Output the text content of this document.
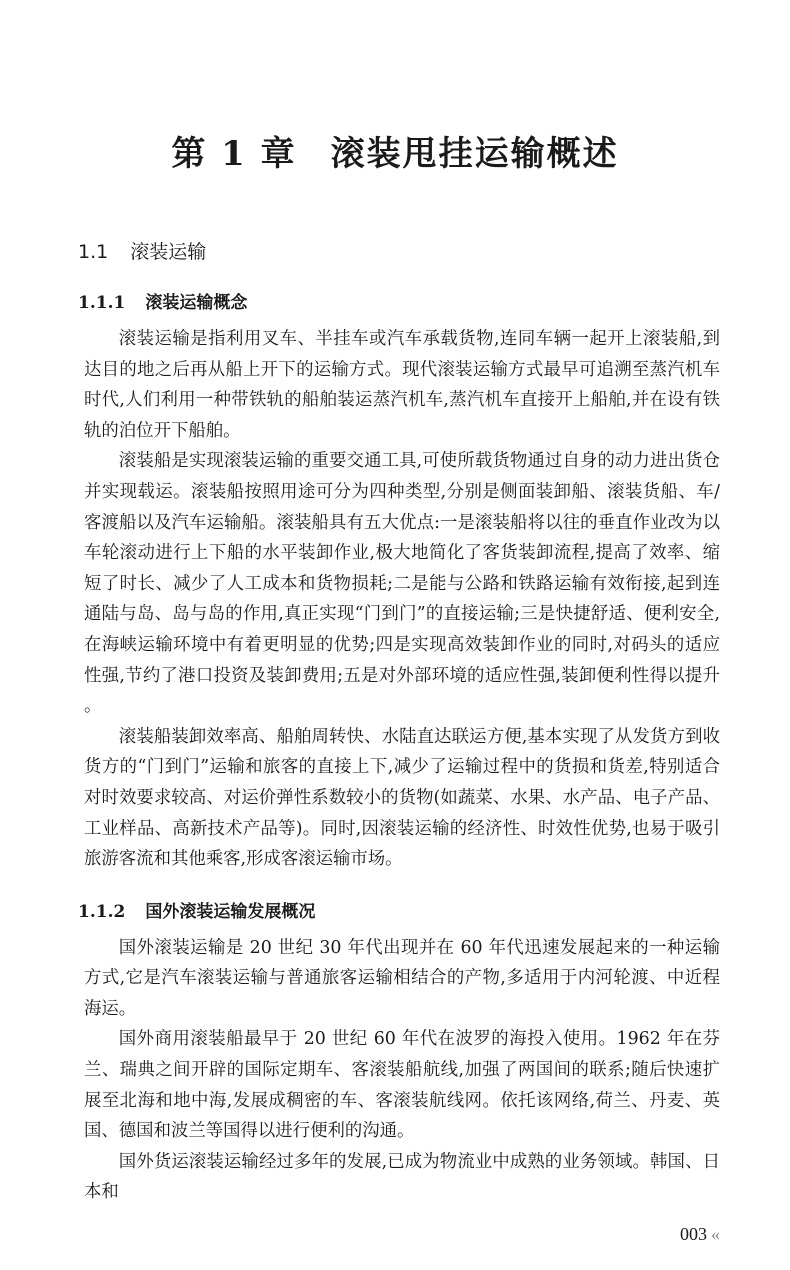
第 1 章 滚装甩挂运输概述
1.1 滚装运输
1.1.1 滚装运输概念

滚装运输是指利用叉车、半挂车或汽车承载货物,连同车辆一起开上滚装船,到达目的地之后再从船上开下的运输方式。现代滚装运输方式最早可追溯至蒸汽机车时代,人们利用一种带铁轨的船舶装运蒸汽机车,蒸汽机车直接开上船舶,并在设有铁轨的泊位开下船舶。

滚装船是实现滚装运输的重要交通工具,可使所载货物通过自身的动力进出货仓并实现载运。滚装船按照用途可分为四种类型,分别是侧面装卸船、滚装货船、车/客渡船以及汽车运输船。滚装船具有五大优点:一是滚装船将以往的垂直作业改为以车轮滚动进行上下船的水平装卸作业,极大地简化了客货装卸流程,提高了效率、缩短了时长、减少了人工成本和货物损耗;二是能与公路和铁路运输有效衔接,起到连通陆与岛、岛与岛的作用,真正实现“门到门”的直接运输;三是快捷舒适、便利安全,在海峡运输环境中有着更明显的优势;四是实现高效装卸作业的同时,对码头的适应性强,节约了港口投资及装卸费用;五是对外部环境的适应性强,装卸便利性得以提升。

滚装船装卸效率高、船舶周转快、水陆直达联运方便,基本实现了从发货方到收货方的“门到门”运输和旅客的直接上下,减少了运输过程中的货损和货差,特别适合对时效要求较高、对运价弹性系数较小的货物(如蔬菜、水果、水产品、电子产品、工业样品、高新技术产品等)。同时,因滚装运输的经济性、时效性优势,也易于吸引旅游客流和其他乘客,形成客滚运输市场。

1.1.2 国外滚装运输发展概况

国外滚装运输是 20 世纪 30 年代出现并在 60 年代迅速发展起来的一种运输方式,它是汽车滚装运输与普通旅客运输相结合的产物,多适用于内河轮渡、中近程海运。

国外商用滚装船最早于 20 世纪 60 年代在波罗的海投入使用。1962 年在芬兰、瑞典之间开辟的国际定期车、客滚装船航线,加强了两国间的联系;随后快速扩展至北海和地中海,发展成稠密的车、客滚装航线网。依托该网络,荷兰、丹麦、英国、德国和波兰等国得以进行便利的沟通。

国外货运滚装运输经过多年的发展,已成为物流业中成熟的业务领域。韩国、日本和

003 «
